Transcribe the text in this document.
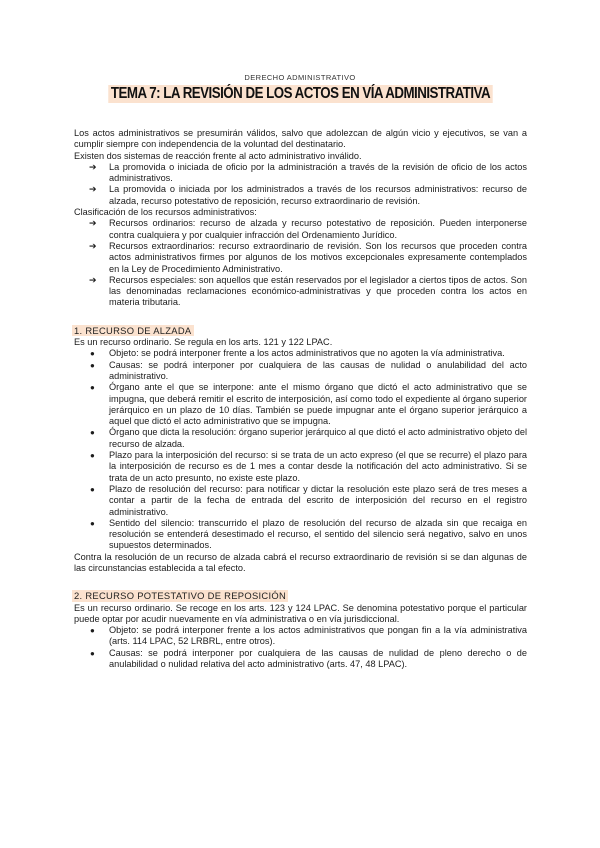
DERECHO ADMINISTRATIVO
TEMA 7: LA REVISIÓN DE LOS ACTOS EN VÍA ADMINISTRATIVA

Los actos administrativos se presumirán válidos, salvo que adolezcan de algún vicio y ejecutivos, se van a cumplir siempre con independencia de la voluntad del destinatario.

Existen dos sistemas de reacción frente al acto administrativo inválido.

➔ La promovida o iniciada de oficio por la administración a través de la revisión de oficio de los actos administrativos.
➔ La promovida o iniciada por los administrados a través de los recursos administrativos: recurso de alzada, recurso potestativo de reposición, recurso extraordinario de revisión.

Clasificación de los recursos administrativos:

➔ Recursos ordinarios: recurso de alzada y recurso potestativo de reposición. Pueden interponerse contra cualquiera y por cualquier infracción del Ordenamiento Jurídico.
➔ Recursos extraordinarios: recurso extraordinario de revisión. Son los recursos que proceden contra actos administrativos firmes por algunos de los motivos excepcionales expresamente contemplados en la Ley de Procedimiento Administrativo.
➔ Recursos especiales: son aquellos que están reservados por el legislador a ciertos tipos de actos. Son las denominadas reclamaciones económico-administrativas y que proceden contra los actos en materia tributaria.
1. RECURSO DE ALZADA

Es un recurso ordinario. Se regula en los arts. 121 y 122 LPAC.

● Objeto: se podrá interponer frente a los actos administrativos que no agoten la vía administrativa.
● Causas: se podrá interponer por cualquiera de las causas de nulidad o anulabilidad del acto administrativo.
● Órgano ante el que se interpone: ante el mismo órgano que dictó el acto administrativo que se impugna, que deberá remitir el escrito de interposición, así como todo el expediente al órgano superior jerárquico en un plazo de 10 días. También se puede impugnar ante el órgano superior jerárquico a aquel que dictó el acto administrativo que se impugna.
● Órgano que dicta la resolución: órgano superior jerárquico al que dictó el acto administrativo objeto del recurso de alzada.
● Plazo para la interposición del recurso: si se trata de un acto expreso (el que se recurre) el plazo para la interposición de recurso es de 1 mes a contar desde la notificación del acto administrativo. Si se trata de un acto presunto, no existe este plazo.
● Plazo de resolución del recurso: para notificar y dictar la resolución este plazo será de tres meses a contar a partir de la fecha de entrada del escrito de interposición del recurso en el registro administrativo.
● Sentido del silencio: transcurrido el plazo de resolución del recurso de alzada sin que recaiga en resolución se entenderá desestimado el recurso, el sentido del silencio será negativo, salvo en unos supuestos determinados.

Contra la resolución de un recurso de alzada cabrá el recurso extraordinario de revisión si se dan algunas de las circunstancias establecida a tal efecto.

2. RECURSO POTESTATIVO DE REPOSICIÓN

Es un recurso ordinario. Se recoge en los arts. 123 y 124 LPAC. Se denomina potestativo porque el particular puede optar por acudir nuevamente en vía administrativa o en vía jurisdiccional.

● Objeto: se podrá interponer frente a los actos administrativos que pongan fin a la vía administrativa (arts. 114 LPAC, 52 LRBRL, entre otros).
● Causas: se podrá interponer por cualquiera de las causas de nulidad de pleno derecho o de anulabilidad o nulidad relativa del acto administrativo (arts. 47, 48 LPAC).
